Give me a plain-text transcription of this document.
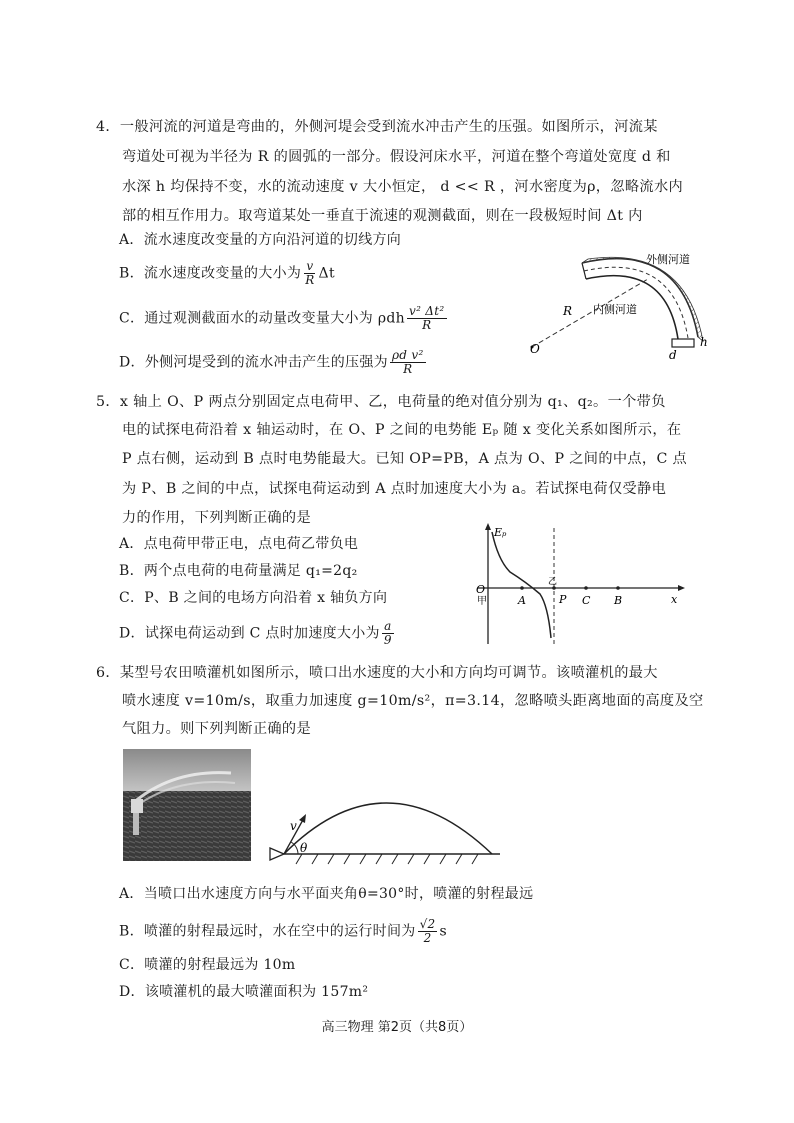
4．一般河流的河道是弯曲的，外侧河堤会受到流水冲击产生的压强。如图所示，河流某
弯道处可视为半径为 R 的圆弧的一部分。假设河床水平，河道在整个弯道处宽度 d 和
水深 h 均保持不变，水的流动速度 v 大小恒定， d << R ，河水密度为ρ，忽略流水内
部的相互作用力。取弯道某处一垂直于流速的观测截面，则在一段极短时间 Δt 内
A．流水速度改变量的方向沿河道的切线方向
B．流水速度改变量的大小为 $\frac{v}{R}$ Δt
C．通过观测截面水的动量改变量大小为 ρdh $\frac{\text{v² Δt²}}{R}$
D．外侧河堤受到的流水冲击产生的压强为 $\frac{\text{ρd v²}}{R}$
外侧河道
内侧河道
R
O	d
h
5．x 轴上 O、P 两点分别固定点电荷甲、乙，电荷量的绝对值分别为 q₁、q₂。一个带负
电的试探电荷沿着 x 轴运动时，在 O、P 之间的电势能 Eₚ 随 x 变化关系如图所示，在
P 点右侧，运动到 B 点时电势能最大。已知 OP=PB，A 点为 O、P 之间的中点，C 点
为 P、B 之间的中点，试探电荷运动到 A 点时加速度大小为 a。若试探电荷仅受静电
力的作用，下列判断正确的是
A．点电荷甲带正电，点电荷乙带负电
B．两个点电荷的电荷量满足 q₁=2q₂
C．P、B 之间的电场方向沿着 x 轴负方向
D．试探电荷运动到 C 点时加速度大小为 $\frac{a}{9}$
Eₚ
O
甲
乙
A	P C B	x
6．某型号农田喷灌机如图所示，喷口出水速度的大小和方向均可调节。该喷灌机的最大
喷水速度 v=10m/s，取重力加速度 g=10m/s²，π=3.14，忽略喷头距离地面的高度及空
气阻力。则下列判断正确的是
v
θ
A．当喷口出水速度方向与水平面夹角θ=30°时，喷灌的射程最远
B．喷灌的射程最远时，水在空中的运行时间为 $\frac{√2}{2}$ s
C．喷灌的射程最远为 10m
D．该喷灌机的最大喷灌面积为 157m²
高三物理 第2页（共8页）
